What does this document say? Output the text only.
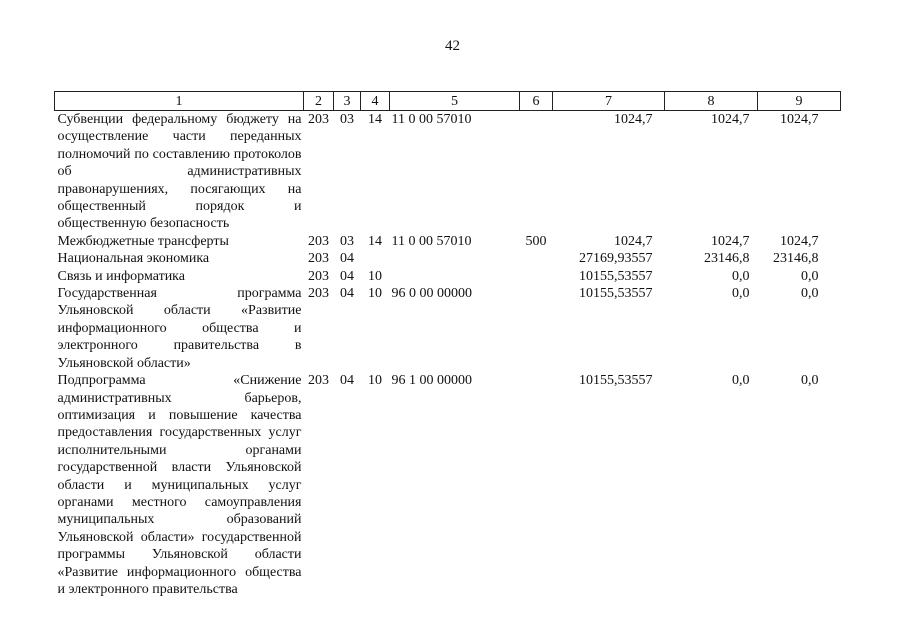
42
1	2	3	4	5	6	7	8	9
Субвенции федеральному бюджету на осуществление части переданных полномочий по составлению протоколов об административных правонарушениях, посягающих на общественный порядок и общественную безопасность	203	03	14	11 0 00 57010		1024,7	1024,7	1024,7
Межбюджетные трансферты	203	03	14	11 0 00 57010	500	1024,7	1024,7	1024,7
Национальная экономика	203	04				27169,93557	23146,8	23146,8
Связь и информатика	203	04	10			10155,53557	0,0	0,0
Государственная программа Ульяновской области «Развитие информационного общества и электронного правительства в Ульяновской области»	203	04	10	96 0 00 00000		10155,53557	0,0	0,0
Подпрограмма «Снижение административных барьеров, оптимизация и повышение качества предоставления государственных услуг исполнительными органами государственной власти Ульяновской области и муниципальных услуг органами местного самоуправления муниципальных образований Ульяновской области» государственной программы Ульяновской области «Развитие информационного общества и электронного правительства	203	04	10	96 1 00 00000		10155,53557	0,0	0,0
